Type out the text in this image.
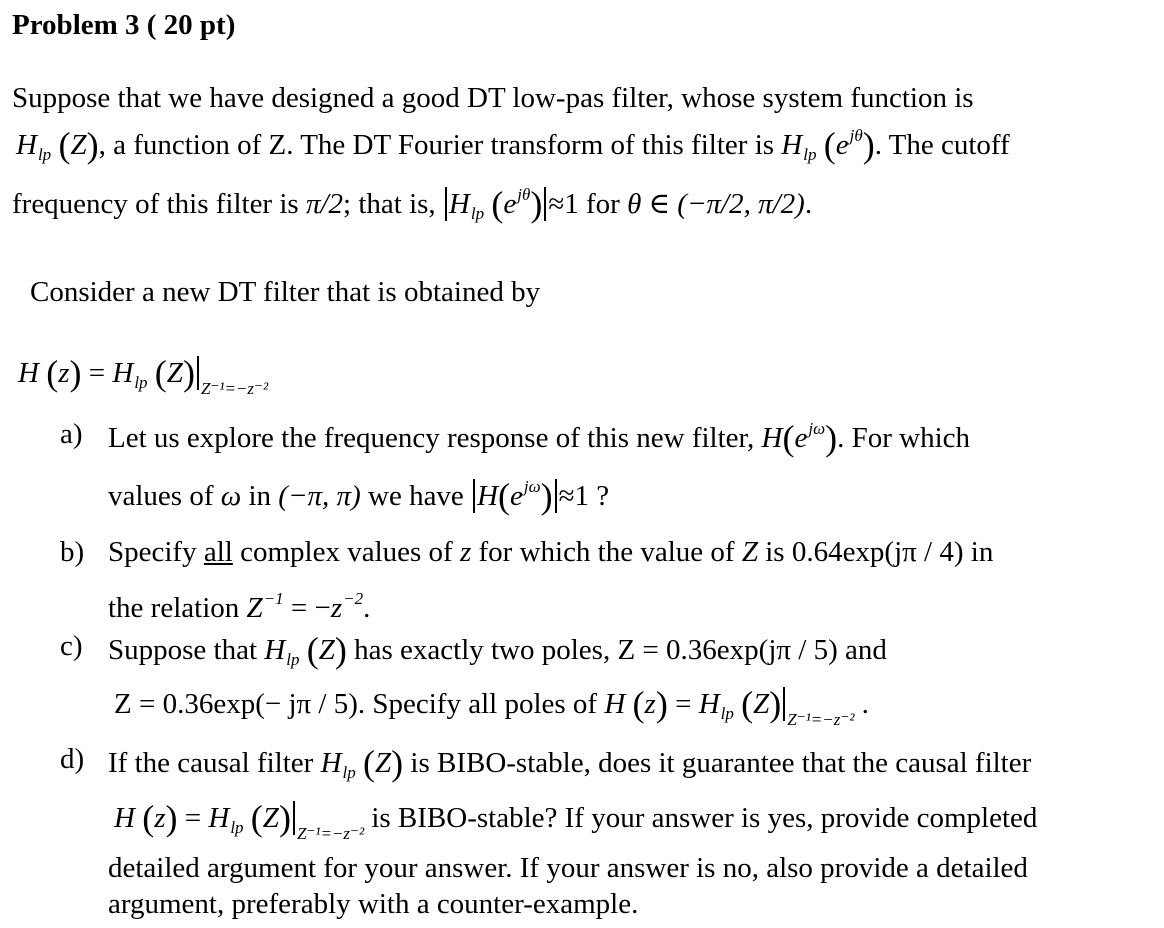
Problem 3 ( 20 pt)
Suppose that we have designed a good DT low-pas filter, whose system function is
$H_{lp}$ (Z), a function of Z. The DT Fourier transform of this filter is $H_{lp}$ $(e^{j\theta})$. The cutoff
frequency of this filter is π/2; that is, $H_{lp}$ $(e^{j\theta}) \approx 1$ for θ ∈ (−π/2, π/2).
Consider a new DT filter that is obtained by
H $(z) = H_{lp}$ (Z) $_{Z^{-1}=-z^{-2}}$
a) Let us explore the frequency response of this new filter, $H(e^{j\omega})$. For which
values of ω in (−π, π) we have $H(e^{j\omega}) \approx 1$ ?
b) Specify all complex values of z for which the value of Z is 0.64exp(jπ / 4) in
the relation $Z^{-1} = -z^{-2}$.
c) Suppose that $H_{lp}$ (Z) has exactly two poles, Z = 0.36exp(jπ / 5) and
Z = 0.36exp(− jπ / 5). Specify all poles of H $(z) = H_{lp}$ (Z) $_{Z^{-1}=-z^{-2}}$ .
d) If the causal filter $H_{lp}$ (Z) is BIBO-stable, does it guarantee that the causal filter
H $(z) = H_{lp}$ (Z) $_{Z^{-1}=-z^{-2}}$ is BIBO-stable? If your answer is yes, provide completed
detailed argument for your answer. If your answer is no, also provide a detailed
argument, preferably with a counter-example.
